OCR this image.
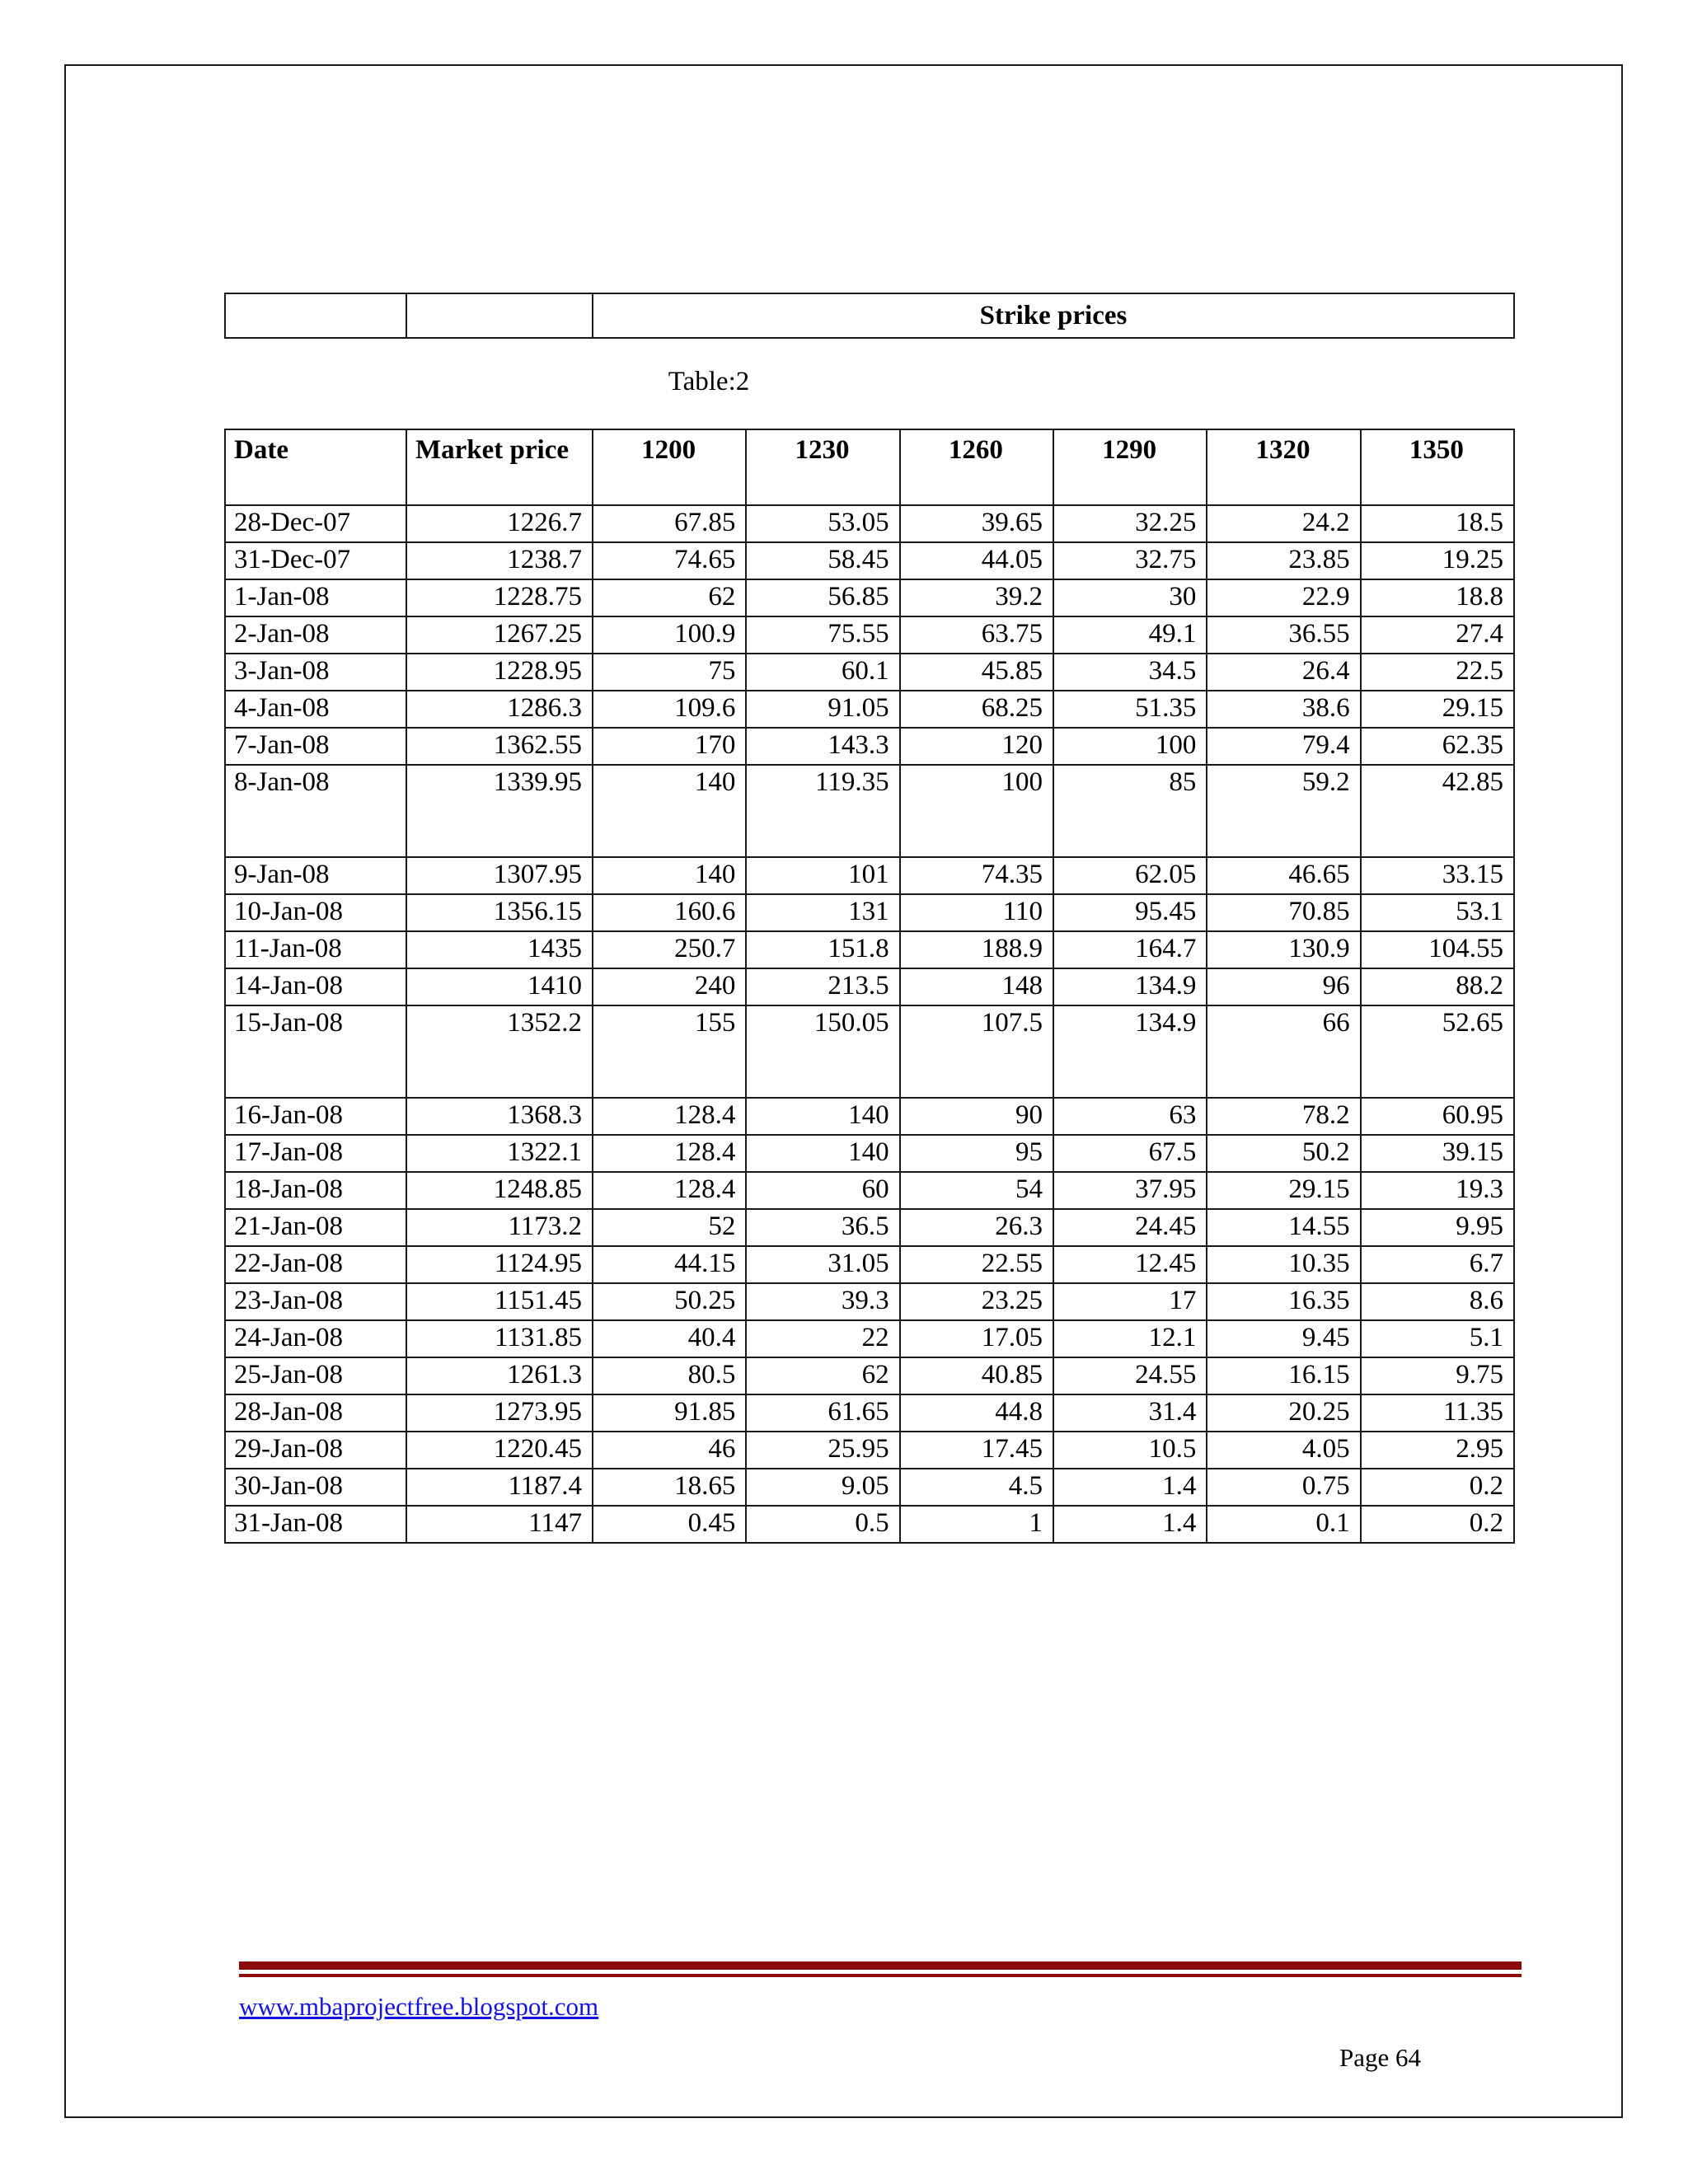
		Strike prices
Table:2
Date	Market price	1200	1230	1260	1290	1320	1350
28-Dec-07	1226.7	67.85	53.05	39.65	32.25	24.2	18.5
31-Dec-07	1238.7	74.65	58.45	44.05	32.75	23.85	19.25
1-Jan-08	1228.75	62	56.85	39.2	30	22.9	18.8
2-Jan-08	1267.25	100.9	75.55	63.75	49.1	36.55	27.4
3-Jan-08	1228.95	75	60.1	45.85	34.5	26.4	22.5
4-Jan-08	1286.3	109.6	91.05	68.25	51.35	38.6	29.15
7-Jan-08	1362.55	170	143.3	120	100	79.4	62.35
8-Jan-08	1339.95	140	119.35	100	85	59.2	42.85
9-Jan-08	1307.95	140	101	74.35	62.05	46.65	33.15
10-Jan-08	1356.15	160.6	131	110	95.45	70.85	53.1
11-Jan-08	1435	250.7	151.8	188.9	164.7	130.9	104.55
14-Jan-08	1410	240	213.5	148	134.9	96	88.2
15-Jan-08	1352.2	155	150.05	107.5	134.9	66	52.65
16-Jan-08	1368.3	128.4	140	90	63	78.2	60.95
17-Jan-08	1322.1	128.4	140	95	67.5	50.2	39.15
18-Jan-08	1248.85	128.4	60	54	37.95	29.15	19.3
21-Jan-08	1173.2	52	36.5	26.3	24.45	14.55	9.95
22-Jan-08	1124.95	44.15	31.05	22.55	12.45	10.35	6.7
23-Jan-08	1151.45	50.25	39.3	23.25	17	16.35	8.6
24-Jan-08	1131.85	40.4	22	17.05	12.1	9.45	5.1
25-Jan-08	1261.3	80.5	62	40.85	24.55	16.15	9.75
28-Jan-08	1273.95	91.85	61.65	44.8	31.4	20.25	11.35
29-Jan-08	1220.45	46	25.95	17.45	10.5	4.05	2.95
30-Jan-08	1187.4	18.65	9.05	4.5	1.4	0.75	0.2
31-Jan-08	1147	0.45	0.5	1	1.4	0.1	0.2
www.mbaprojectfree.blogspot.com
Page 64
